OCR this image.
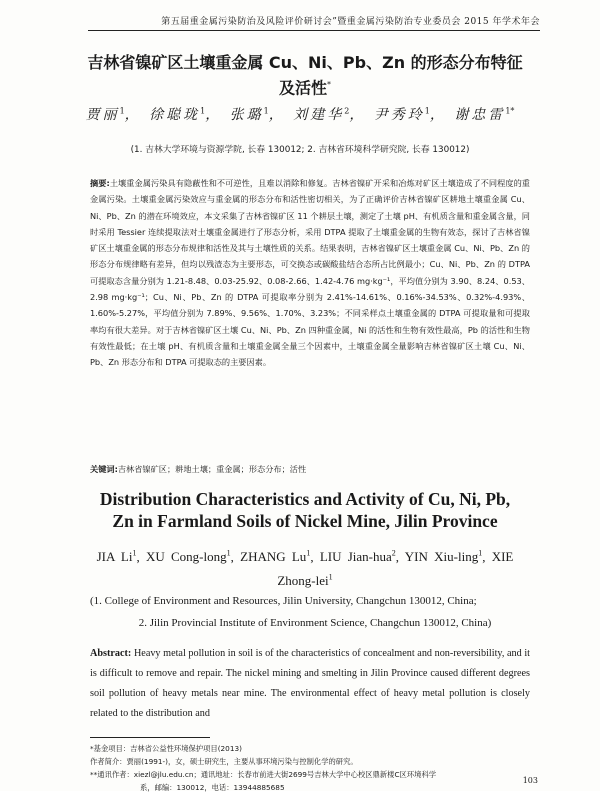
第五届重金属污染防治及风险评价研讨会”暨重金属污染防治专业委员会 2015 年学术年会
吉林省镍矿区土壤重金属 Cu、Ni、Pb、Zn 的形态分布特征
及活性*
贾丽$^1$， 徐聪珑$^1$， 张璐$^1$， 刘建华$^2$， 尹秀玲$^1$， 谢忠雷$^{1*}$
(1. 吉林大学环境与资源学院, 长春 130012; 2. 吉林省环境科学研究院, 长春 130012)
摘要:土壤重金属污染具有隐蔽性和不可逆性，且难以消除和修复。吉林省镍矿开采和冶炼对矿区土壤造成了不同程度的重金属污染。土壤重金属污染效应与重金属的形态分布和活性密切相关，为了正确评价吉林省镍矿区耕地土壤重金属 Cu、Ni、Pb、Zn 的潜在环境效应，本文采集了吉林省镍矿区 11 个耕层土壤，测定了土壤 pH、有机质含量和重金属含量，同时采用 Tessier 连续提取法对土壤重金属进行了形态分析，采用 DTPA 提取了土壤重金属的生物有效态，探讨了吉林省镍矿区土壤重金属的形态分布规律和活性及其与土壤性质的关系。结果表明，吉林省镍矿区土壤重金属 Cu、Ni、Pb、Zn 的形态分布规律略有差异，但均以残渣态为主要形态，可交换态或碳酸盐结合态所占比例最小；Cu、Ni、Pb、Zn 的 DTPA 可提取态含量分别为 1.21-8.48、0.03-25.92、0.08-2.66、1.42-4.76 mg·kg⁻¹，平均值分别为 3.90、8.24、0.53、2.98 mg·kg⁻¹；Cu、Ni、Pb、Zn 的 DTPA 可提取率分别为 2.41%-14.61%、0.16%-34.53%、0.32%-4.93%、1.60%-5.27%，平均值分别为 7.89%、9.56%、1.70%、3.23%；不同采样点土壤重金属的 DTPA 可提取量和可提取率均有很大差异。对于吉林省镍矿区土壤 Cu、Ni、Pb、Zn 四种重金属，Ni 的活性和生物有效性最高，Pb 的活性和生物有效性最低；在土壤 pH、有机质含量和土壤重金属全量三个因素中，土壤重金属全量影响吉林省镍矿区土壤 Cu、Ni、Pb、Zn 形态分布和 DTPA 可提取态的主要因素。
关键词:吉林省镍矿区；耕地土壤；重金属；形态分布；活性
Distribution Characteristics and Activity of Cu, Ni, Pb,
Zn in Farmland Soils of Nickel Mine, Jilin Province
JIA Li$^1$, XU Cong-long$^1$, ZHANG Lu$^1$, LIU Jian-hua$^2$, YIN Xiu-ling$^1$, XIE Zhong-lei$^1$
(1. College of Environment and Resources, Jilin University, Changchun 130012, China;
2. Jilin Provincial Institute of Environment Science, Changchun 130012, China)
Abstract: Heavy metal pollution in soil is of the characteristics of concealment and non-reversibility, and it is difficult to remove and repair. The nickel mining and smelting in Jilin Province caused different degrees soil pollution of heavy metals near mine. The environmental effect of heavy metal pollution is closely related to the distribution and
*基金项目：吉林省公益性环境保护项目(2013)
作者简介：贾丽(1991-)，女，硕士研究生，主要从事环境污染与控制化学的研究。
**通讯作者：xiezl@jlu.edu.cn；通讯地址：长春市前进大街2699号吉林大学中心校区鼎新楼C区环境科学
系，邮编：130012，电话：13944885685
103
